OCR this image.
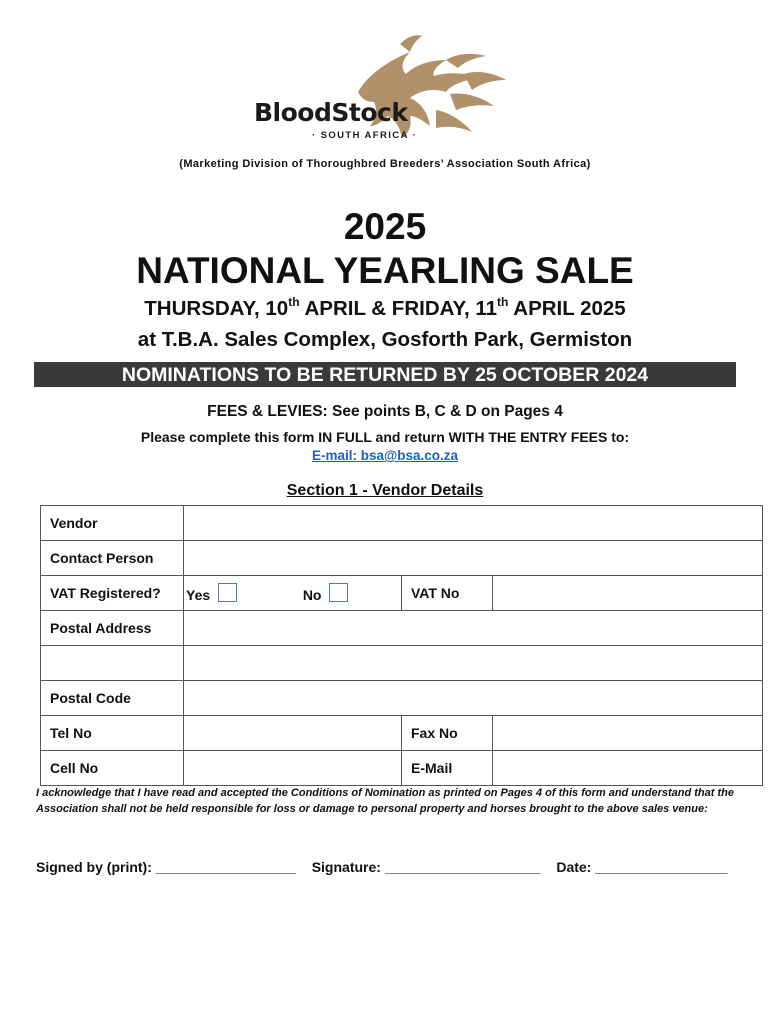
BloodStock
· SOUTH AFRICA ·
(Marketing Division of Thoroughbred Breeders’ Association South Africa)
2025
NATIONAL YEARLING SALE
THURSDAY, 10th APRIL & FRIDAY, 11th APRIL 2025
at T.B.A. Sales Complex, Gosforth Park, Germiston
NOMINATIONS TO BE RETURNED BY 25 OCTOBER 2024
FEES & LEVIES: See points B, C & D on Pages 4
Please complete this form IN FULL and return WITH THE ENTRY FEES to:
E-mail: bsa@bsa.co.za
Section 1 - Vendor Details
Vendor			
Contact Person			
VAT Registered?	Yes No	VAT No	
Postal Address			

Postal Code			
Tel No		Fax No	
Cell No		E-Mail	
I acknowledge that I have read and accepted the Conditions of Nomination as printed on Pages 4 of this form and understand that the Association shall not be held responsible for loss or damage to personal property and horses brought to the above sales venue:
Signed by (print): __________________ Signature: ____________________ Date: _________________
